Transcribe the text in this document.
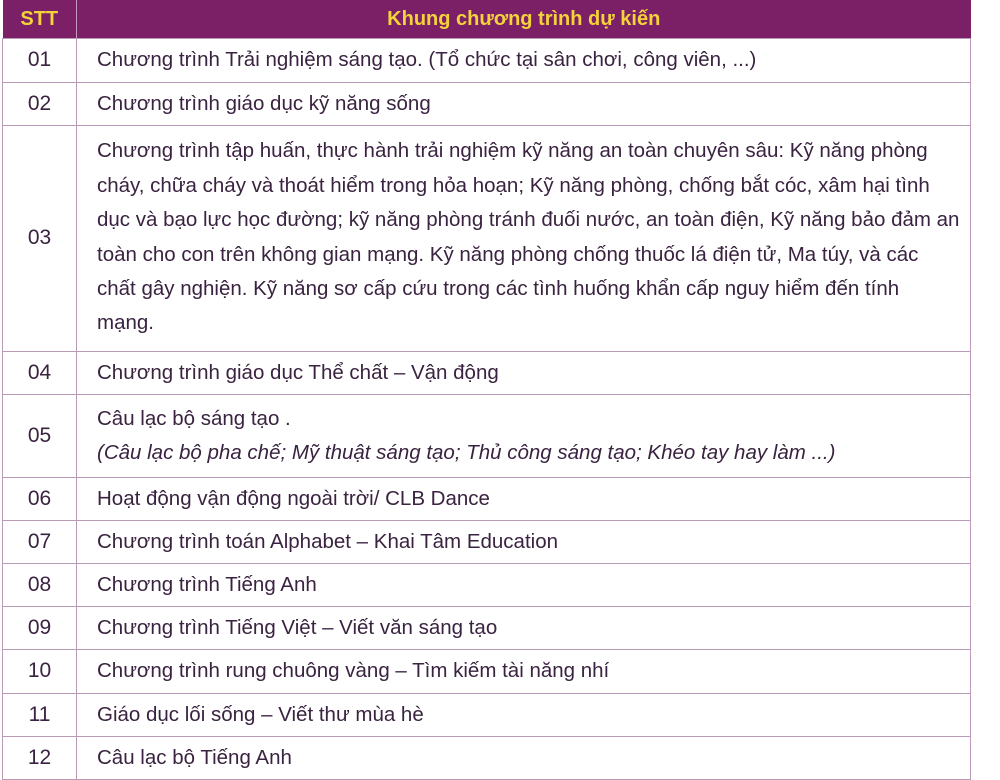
STT	Khung chương trình dự kiến
01	Chương trình Trải nghiệm sáng tạo. (Tổ chức tại sân chơi, công viên, ...)
02	Chương trình giáo dục kỹ năng sống
03	Chương trình tập huấn, thực hành trải nghiệm kỹ năng an toàn chuyên sâu: Kỹ năng phòng cháy, chữa cháy và thoát hiểm trong hỏa hoạn; Kỹ năng phòng, chống bắt cóc, xâm hại tình dục và bạo lực học đường; kỹ năng phòng tránh đuối nước, an toàn điện, Kỹ năng bảo đảm an toàn cho con trên không gian mạng. Kỹ năng phòng chống thuốc lá điện tử, Ma túy, và các chất gây nghiện. Kỹ năng sơ cấp cứu trong các tình huống khẩn cấp nguy hiểm đến tính mạng.
04	Chương trình giáo dục Thể chất – Vận động
05	Câu lạc bộ sáng tạo .
(Câu lạc bộ pha chế; Mỹ thuật sáng tạo; Thủ công sáng tạo; Khéo tay hay làm ...)

06	Hoạt động vận động ngoài trời/ CLB Dance
07	Chương trình toán Alphabet – Khai Tâm Education
08	Chương trình Tiếng Anh
09	Chương trình Tiếng Việt – Viết văn sáng tạo
10	Chương trình rung chuông vàng – Tìm kiếm tài năng nhí
11	Giáo dục lối sống – Viết thư mùa hè
12	Câu lạc bộ Tiếng Anh
